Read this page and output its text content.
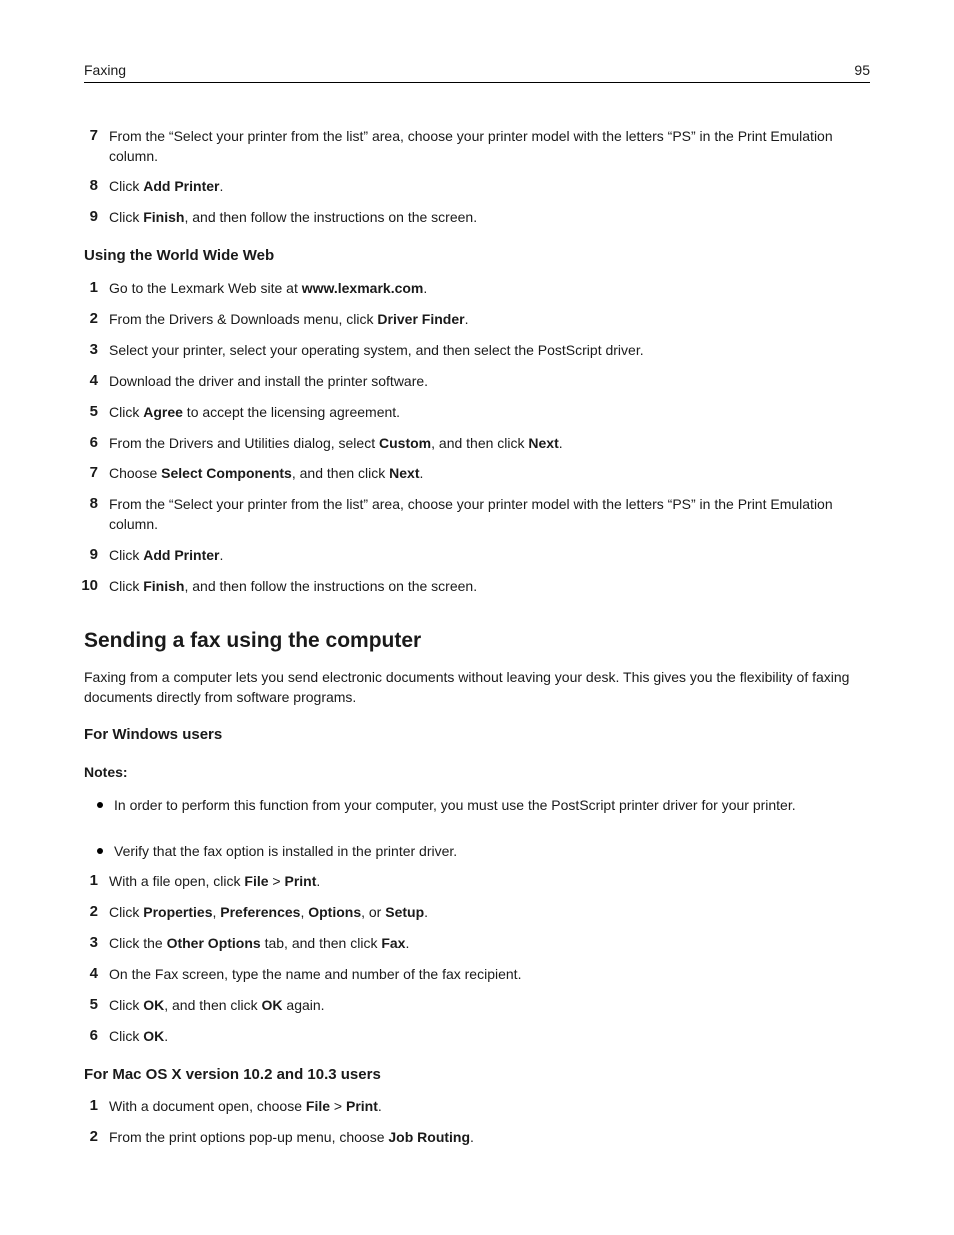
Faxing	95
7 From the “Select your printer from the list” area, choose your printer model with the letters “PS” in the Print Emulation column.
8 Click Add Printer.
9 Click Finish, and then follow the instructions on the screen.
Using the World Wide Web
1 Go to the Lexmark Web site at www.lexmark.com.
2 From the Drivers & Downloads menu, click Driver Finder.
3 Select your printer, select your operating system, and then select the PostScript driver.
4 Download the driver and install the printer software.
5 Click Agree to accept the licensing agreement.
6 From the Drivers and Utilities dialog, select Custom, and then click Next.
7 Choose Select Components, and then click Next.
8 From the “Select your printer from the list” area, choose your printer model with the letters “PS” in the Print Emulation column.
9 Click Add Printer.
10 Click Finish, and then follow the instructions on the screen.
Sending a fax using the computer
Faxing from a computer lets you send electronic documents without leaving your desk. This gives you the flexibility of faxing documents directly from software programs.
For Windows users
Notes:
In order to perform this function from your computer, you must use the PostScript printer driver for your printer.
Verify that the fax option is installed in the printer driver.
1 With a file open, click File > Print.
2 Click Properties, Preferences, Options, or Setup.
3 Click the Other Options tab, and then click Fax.
4 On the Fax screen, type the name and number of the fax recipient.
5 Click OK, and then click OK again.
6 Click OK.
For Mac OS X version 10.2 and 10.3 users
1 With a document open, choose File > Print.
2 From the print options pop-up menu, choose Job Routing.
